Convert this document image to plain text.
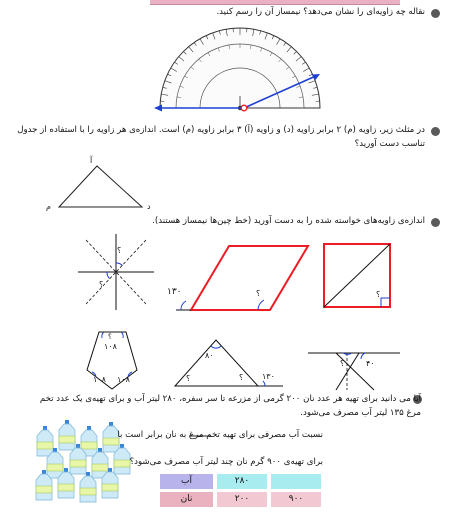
نقاله چه زاویه‌ای را نشان می‌دهد؟ نیمساز آن را رسم کنید.
در مثلث زیر، زاویه (م) ۲ برابر زاویه (د) و زاویه (آ) ۳ برابر زاویه (م) است. اندازه‌ی هر زاویه را با استفاده از جدول
تناسب دست آورید؟
آ
م	د
اندازه‌ی زاویه‌های خواسته شده را به دست آورید (خط چین‌ها نیمساز هستند).
؟
؟
۱۳۰	؟	؟
۱۰۸
؟
۱۰۸ ۱۰۸
۸۰
؟	؟ ۱۳۰
؟	۴۰
آیا می دانید برای تهیه هر عدد نان ۲۰۰ گرمی از مزرعه تا سر سفره، ۲۸۰ لیتر آب و برای تهیه‌ی یک عدد تخم
مرغ ۱۳۵ لیتر آب مصرف می‌شود.
نسبت آب مصرفی برای تهیه تخم مرغ به نان برابر است با
برای تهیه‌ی ۹۰۰ گرم نان چند لیتر آب مصرف می‌شود؟
آب	۲۸۰
نان	۲۰۰	۹۰۰
